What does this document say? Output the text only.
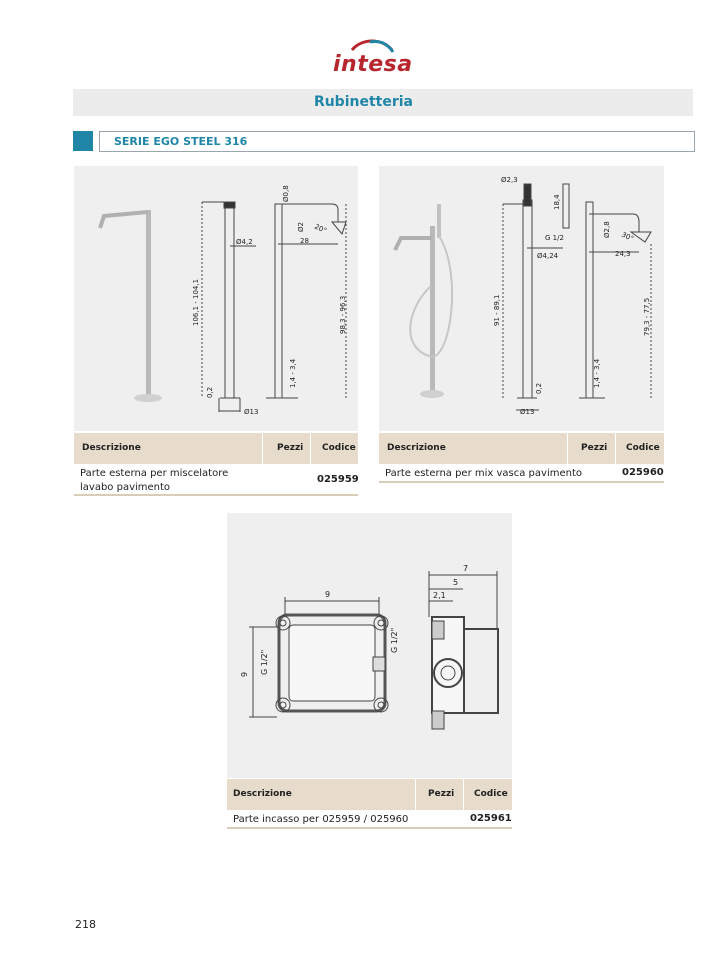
intesa
Rubinetteria
SERIE EGO STEEL 316
106,1 - 104,1
0,2
Ø4,2
Ø13
Ø0,8
Ø2
28
20°
98,3 - 96,3
1,4 - 3,4
Ø2,3
18,4
G 1/2
Ø4,24
91 - 89,1
0,2
Ø13
Ø2,8
24,3
30°
79,3 - 77,5
1,4 - 3,4
Descrizione	Pezzi Codice
Parte esterna per miscelatore lavabo pavimento
025959
Descrizione	Pezzi Codice
Parte esterna per mix vasca pavimento	025960
9
9 G 1/2"
G 1/2"
7
5
2,1
Descrizione	Pezzi Codice
Parte incasso per 025959 / 025960	025961
218
